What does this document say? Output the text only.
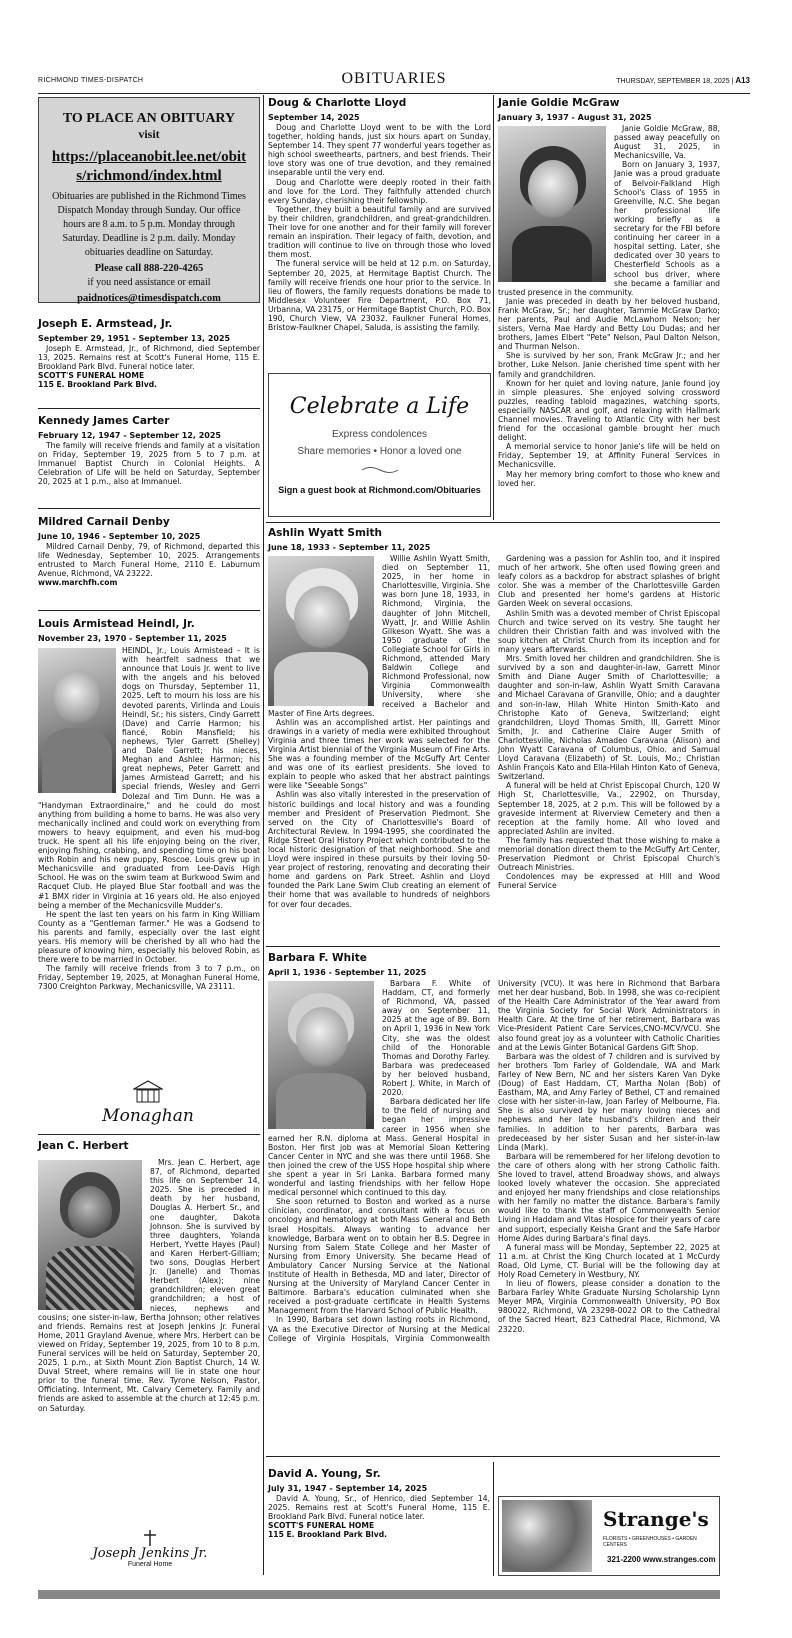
RICHMOND TIMES-DISPATCH	OBITUARIES	THURSDAY, SEPTEMBER 18, 2025 | A13
TO PLACE AN OBITUARY
visit
https://placeanobit.lee.net/obits/richmond/index.html
Obituaries are published in the Richmond Times Dispatch Monday through Sunday. Our office hours are 8 a.m. to 5 p.m. Monday through Saturday. Deadline is 2 p.m. daily. Monday obituaries deadline on Saturday.
Please call 888-220-4265
if you need assistance or email
paidnotices@timesdispatch.com
Joseph E. Armstead, Jr.
September 29, 1951 - September 13, 2025

Joseph E. Armstead, Jr., of Richmond, died September 13, 2025. Remains rest at Scott's Funeral Home, 115 E. Brookland Park Blvd. Funeral notice later.

SCOTT'S FUNERAL HOME
115 E. Brookland Park Blvd.
Kennedy James Carter
February 12, 1947 - September 12, 2025

The family will receive friends and family at a visitation on Friday, September 19, 2025 from 5 to 7 p.m. at Immanuel Baptist Church in Colonial Heights. A Celebration of Life will be held on Saturday, September 20, 2025 at 1 p.m., also at Immanuel.

Mildred Carnail Denby
June 10, 1946 - September 10, 2025

Mildred Carnail Denby, 79, of Richmond, departed this life Wednesday, September 10, 2025. Arrangements entrusted to March Funeral Home, 2110 E. Laburnum Avenue, Richmond, VA 23222.

www.marchfh.com
Louis Armistead Heindl, Jr.
November 23, 1970 - September 11, 2025

HEINDL, Jr., Louis Armistead – It is with heartfelt sadness that we announce that Louis Jr. went to live with the angels and his beloved dogs on Thursday, September 11, 2025. Left to mourn his loss are his devoted parents, Virlinda and Louis Heindl, Sr.; his sisters, Cindy Garrett (Dave) and Carrie Harmon; his fiancé, Robin Mansfield; his nephews, Tyler Garrett (Shelley) and Dale Garrett; his nieces, Meghan and Ashlee Harmon; his great nephews, Peter Garrett and James Armistead Garrett; and his special friends, Wesley and Gerri Dolezal and Tim Dunn. He was a "Handyman Extraordinaire," and he could do most anything from building a home to barns. He was also very mechanically inclined and could work on everything from mowers to heavy equipment, and even his mud-bog truck. He spent all his life enjoying being on the river, enjoying fishing, crabbing, and spending time on his boat with Robin and his new puppy, Roscoe. Louis grew up in Mechanicsville and graduated from Lee-Davis High School. He was on the swim team at Burkwood Swim and Racquet Club. He played Blue Star football and was the #1 BMX rider in Virginia at 16 years old. He also enjoyed being a member of the Mechanicsville Mudder's.

He spent the last ten years on his farm in King William County as a "Gentleman farmer." He was a Godsend to his parents and family, especially over the last eight years. His memory will be cherished by all who had the pleasure of knowing him, especially his beloved Robin, as there were to be married in October.

The family will receive friends from 3 to 7 p.m., on Friday, September 19, 2025, at Monaghan Funeral Home, 7300 Creighton Parkway, Mechanicsville, VA 23111.

Monaghan
Jean C. Herbert

Mrs. Jean C. Herbert, age 87, of Richmond, departed this life on September 14, 2025. She is preceded in death by her husband, Douglas A. Herbert Sr., and one daughter, Dakota Johnson. She is survived by three daughters, Yolanda Herbert, Yvette Hayes (Paul) and Karen Herbert-Gilliam; two sons, Douglas Herbert Jr. (Janelle) and Thomas Herbert (Alex); nine grandchildren; eleven great grandchildren; a host of nieces, nephews and cousins; one sister-in-law, Bertha Johnson; other relatives and friends. Remains rest at Joseph Jenkins Jr. Funeral Home, 2011 Grayland Avenue, where Mrs. Herbert can be viewed on Friday, September 19, 2025, from 10 to 8 p.m. Funeral services will be held on Saturday, September 20, 2025, 1 p.m., at Sixth Mount Zion Baptist Church, 14 W. Duval Street, where remains will lie in state one hour prior to the funeral time. Rev. Tyrone Nelson, Pastor, Officiating. Interment, Mt. Calvary Cemetery. Family and friends are asked to assemble at the church at 12:45 p.m. on Saturday.

Joseph Jenkins Jr.
Funeral Home
Doug & Charlotte Lloyd
September 14, 2025

Doug and Charlotte Lloyd went to be with the Lord together, holding hands, just six hours apart on Sunday, September 14. They spent 77 wonderful years together as high school sweethearts, partners, and best friends. Their love story was one of true devotion, and they remained inseparable until the very end.

Doug and Charlotte were deeply rooted in their faith and love for the Lord. They faithfully attended church every Sunday, cherishing their fellowship.

Together, they built a beautiful family and are survived by their children, grandchildren, and great-grandchildren. Their love for one another and for their family will forever remain an inspiration. Their legacy of faith, devotion, and tradition will continue to live on through those who loved them most.

The funeral service will be held at 12 p.m. on Saturday, September 20, 2025, at Hermitage Baptist Church. The family will receive friends one hour prior to the service. In lieu of flowers, the family requests donations be made to Middlesex Volunteer Fire Department, P.O. Box 71, Urbanna, VA 23175, or Hermitage Baptist Church, P.O. Box 190, Church View, VA 23032. Faulkner Funeral Homes, Bristow-Faulkner Chapel, Saluda, is assisting the family.

Celebrate a Life
Express condolences
Share memories • Honor a loved one
Sign a guest book at Richmond.com/Obituaries
Janie Goldie McGraw
January 3, 1937 - August 31, 2025

Janie Goldie McGraw, 88, passed away peacefully on August 31, 2025, in Mechanicsville, Va.

Born on January 3, 1937, Janie was a proud graduate of Belvoir-Falkland High School's Class of 1955 in Greenville, N.C. She began her professional life working briefly as a secretary for the FBI before continuing her career in a hospital setting. Later, she dedicated over 30 years to Chesterfield Schools as a school bus driver, where she became a familiar and trusted presence in the community.

Janie was preceded in death by her beloved husband, Frank McGraw, Sr.; her daughter, Tammie McGraw Darko; her parents, Paul and Audie McLawhorn Nelson; her sisters, Verna Mae Hardy and Betty Lou Dudas; and her brothers, James Elbert "Pete" Nelson, Paul Dalton Nelson, and Thurman Nelson.

She is survived by her son, Frank McGraw Jr.; and her brother, Luke Nelson. Janie cherished time spent with her family and grandchildren.

Known for her quiet and loving nature, Janie found joy in simple pleasures. She enjoyed solving crossword puzzles, reading tabloid magazines, watching sports, especially NASCAR and golf, and relaxing with Hallmark Channel movies. Traveling to Atlantic City with her best friend for the occasional gamble brought her much delight.

A memorial service to honor Janie's life will be held on Friday, September 19, at Affinity Funeral Services in Mechanicsville.

May her memory bring comfort to those who knew and loved her.

Ashlin Wyatt Smith
June 18, 1933 - September 11, 2025

Willie Ashlin Wyatt Smith, died on September 11, 2025, in her home in Charlottesville, Virginia. She was born June 18, 1933, in Richmond, Virginia, the daughter of John Mitchell, Wyatt, Jr. and Willie Ashlin Gilkeson Wyatt. She was a 1950 graduate of the Collegiate School for Girls in Richmond, attended Mary Baldwin College and Richmond Professional, now Virginia Commonwealth University, where she received a Bachelor and Master of Fine Arts degrees.

Ashlin was an accomplished artist. Her paintings and drawings in a variety of media were exhibited throughout Virginia and three times her work was selected for the Virginia Artist biennial of the Virginia Museum of Fine Arts. She was a founding member of the McGuffy Art Center and was one of its earliest presidents. She loved to explain to people who asked that her abstract paintings were like "Seeable Songs"

Ashlin was also vitally interested in the preservation of historic buildings and local history and was a founding member and President of Preservation Piedmont. She served on the City of Charlottesville's Board of Architectural Review. In 1994-1995, she coordinated the Ridge Street Oral History Project which contributed to the local historic designation of that neighborhood. She and Lloyd were inspired in these pursuits by their loving 50-year project of restoring, renovating and decorating their home and gardens on Park Street. Ashlin and Lloyd founded the Park Lane Swim Club creating an element of their home that was available to hundreds of neighbors for over four decades.

Gardening was a passion for Ashlin too, and it inspired much of her artwork. She often used flowing green and leafy colors as a backdrop for abstract splashes of bright color. She was a member of the Charlottesville Garden Club and presented her home's gardens at Historic Garden Week on several occasions.

Ashlin Smith was a devoted member of Christ Episcopal Church and twice served on its vestry. She taught her children their Christian faith and was involved with the soup kitchen at Christ Church from its inception and for many years afterwards.

Mrs. Smith loved her children and grandchildren. She is survived by a son and daughter-in-law, Garrett Minor Smith and Diane Auger Smith of Charlottesville; a daughter and son-in-law, Ashlin Wyatt Smith Caravana and Michael Caravana of Granville, Ohio; and a daughter and son-in-law, Hilah White Hinton Smith-Kato and Christophe Kato of Geneva, Switzerland; eight grandchildren, Lloyd Thomas Smith, III, Garrett Minor Smith, Jr. and Catherine Claire Auger Smith of Charlottesville, Nicholas Amadeo Caravana (Alison) and John Wyatt Caravana of Columbus, Ohio. and Samual Lloyd Caravana (Elizabeth) of St. Louis, Mo.; Christian Ashlin François Kato and Ella-Hilah Hinton Kato of Geneva, Switzerland.

A funeral will be held at Christ Episcopal Church, 120 W High St, Charlottesville, Va., 22902, on Thursday, September 18, 2025, at 2 p.m. This will be followed by a graveside interment at Riverview Cemetery and then a reception at the family home. All who loved and appreciated Ashlin are invited.

The family has requested that those wishing to make a memorial donation direct them to the McGuffy Art Center, Preservation Piedmont or Christ Episcopal Church's Outreach Ministries.

Condolences may be expressed at Hill and Wood Funeral Service

Barbara F. White
April 1, 1936 - September 11, 2025

Barbara F. White of Haddam, CT, and formerly of Richmond, VA, passed away on September 11, 2025 at the age of 89. Born on April 1, 1936 in New York City, she was the oldest child of the Honorable Thomas and Dorothy Farley. Barbara was predeceased by her beloved husband, Robert J. White, in March of 2020.

Barbara dedicated her life to the field of nursing and began her impressive career in 1956 when she earned her R.N. diploma at Mass. General Hospital in Boston. Her first job was at Memorial Sloan Kettering Cancer Center in NYC and she was there until 1968. She then joined the crew of the USS Hope hospital ship where she spent a year in Sri Lanka. Barbara formed many wonderful and lasting friendships with her fellow Hope medical personnel which continued to this day.

She soon returned to Boston and worked as a nurse clinician, coordinator, and consultant with a focus on oncology and hematology at both Mass General and Beth Israel Hospitals. Always wanting to advance her knowledge, Barbara went on to obtain her B.S. Degree in Nursing from Salem State College and her Master of Nursing from Emory University. She became Head of Ambulatory Cancer Nursing Service at the National Institute of Health in Bethesda, MD and later, Director of Nursing at the University of Maryland Cancer Center in Baltimore. Barbara's education culminated when she received a post-graduate certificate in Health Systems Management from the Harvard School of Public Health.

In 1990, Barbara set down lasting roots in Richmond, VA as the Executive Director of Nursing at the Medical College of Virginia Hospitals, Virginia Commonwealth University (VCU). It was here in Richmond that Barbara met her dear husband, Bob. In 1998, she was co-recipient of the Health Care Administrator of the Year award from the Virginia Society for Social Work Administrators in Health Care. At the time of her retirement, Barbara was Vice-President Patient Care Services,CNO-MCV/VCU. She also found great joy as a volunteer with Catholic Charities and at the Lewis Ginter Botanical Gardens Gift Shop.

Barbara was the oldest of 7 children and is survived by her brothers Tom Farley of Goldendale, WA and Mark Farley of New Bern, NC and her sisters Karen Van Dyke (Doug) of East Haddam, CT, Martha Nolan (Bob) of Eastham, MA, and Amy Farley of Bethel, CT and remained close with her sister-in-law, Joan Farley of Melbourne, Fla. She is also survived by her many loving nieces and nephews and her late husband's children and their families. In addition to her parents, Barbara was predeceased by her sister Susan and her sister-in-law Linda (Mark).

Barbara will be remembered for her lifelong devotion to the care of others along with her strong Catholic faith. She loved to travel, attend Broadway shows, and always looked lovely whatever the occasion. She appreciated and enjoyed her many friendships and close relationships with her family no matter the distance. Barbara's family would like to thank the staff of Commonwealth Senior Living in Haddam and Vitas Hospice for their years of care and support, especially Keisha Grant and the Safe Harbor Home Aides during Barbara's final days.

A funeral mass will be Monday, September 22, 2025 at 11 a.m. at Christ the King Church located at 1 McCurdy Road, Old Lyme, CT. Burial will be the following day at Holy Road Cemetery in Westbury, NY.

In lieu of flowers, please consider a donation to the Barbara Farley White Graduate Nursing Scholarship Lynn Meyer MPA, Virginia Commonwealth University, PO Box 980022, Richmond, VA 23298-0022 OR to the Cathedral of the Sacred Heart, 823 Cathedral Place, Richmond, VA 23220.

David A. Young, Sr.
July 31, 1947 - September 14, 2025

David A. Young, Sr., of Henrico, died September 14, 2025. Remains rest at Scott's Funeral Home, 115 E. Brookland Park Blvd. Funeral notice later.

SCOTT'S FUNERAL HOME
115 E. Brookland Park Blvd.
Strange's
FLORISTS • GREENHOUSES • GARDEN CENTERS
321-2200 www.stranges.com
